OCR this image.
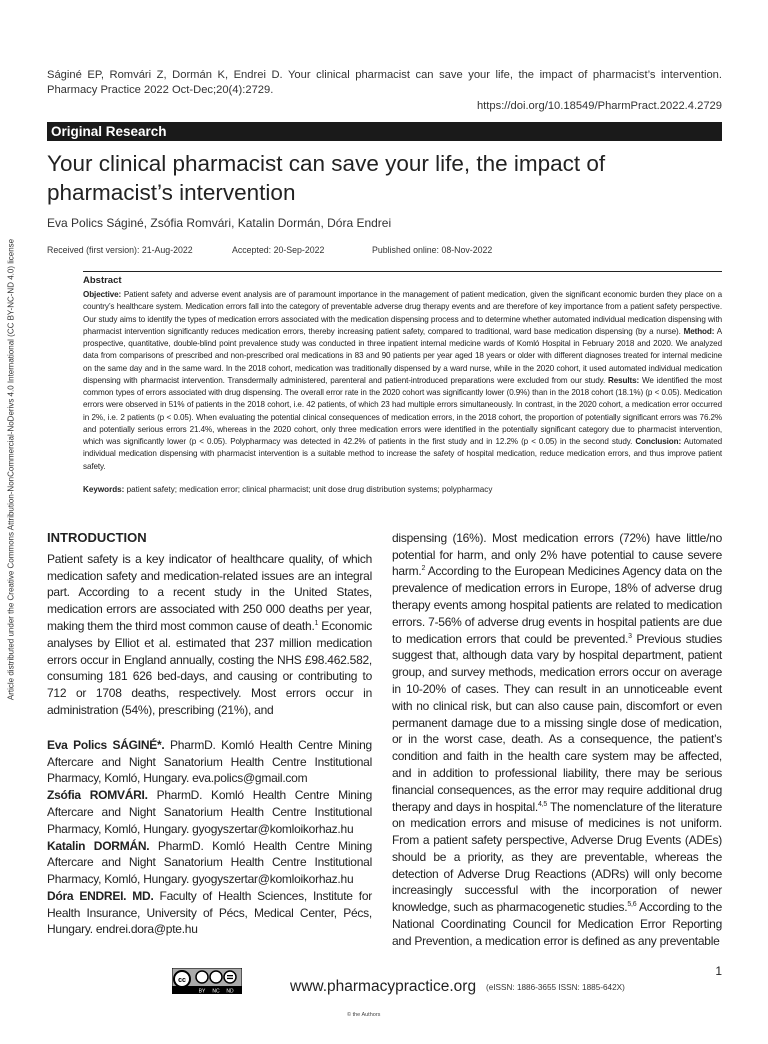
Article distributed under the Creative Commons Attribution-NonCommercial-NoDerivs 4.0 International (CC BY-NC-ND 4.0) license
Ságiné EP, Romvári Z, Dormán K, Endrei D. Your clinical pharmacist can save your life, the impact of pharmacist’s intervention. Pharmacy Practice 2022 Oct-Dec;20(4):2729.
https://doi.org/10.18549/PharmPract.2022.4.2729
Original Research
Your clinical pharmacist can save your life, the impact of pharmacist’s intervention
Eva Polics Ságiné, Zsófia Romvári, Katalin Dormán, Dóra Endrei
Received (first version): 21-Aug-2022	Accepted: 20-Sep-2022	Published online: 08-Nov-2022
Abstract
Objective: Patient safety and adverse event analysis are of paramount importance in the management of patient medication, given the significant economic burden they place on a country’s healthcare system. Medication errors fall into the category of preventable adverse drug therapy events and are therefore of key importance from a patient safety perspective. Our study aims to identify the types of medication errors associated with the medication dispensing process and to determine whether automated individual medication dispensing with pharmacist intervention significantly reduces medication errors, thereby increasing patient safety, compared to traditional, ward base medication dispensing (by a nurse). Method: A prospective, quantitative, double-blind point prevalence study was conducted in three inpatient internal medicine wards of Komló Hospital in February 2018 and 2020. We analyzed data from comparisons of prescribed and non-prescribed oral medications in 83 and 90 patients per year aged 18 years or older with different diagnoses treated for internal medicine on the same day and in the same ward. In the 2018 cohort, medication was traditionally dispensed by a ward nurse, while in the 2020 cohort, it used automated individual medication dispensing with pharmacist intervention. Transdermally administered, parenteral and patient-introduced preparations were excluded from our study. Results: We identified the most common types of errors associated with drug dispensing. The overall error rate in the 2020 cohort was significantly lower (0.9%) than in the 2018 cohort (18.1%) (p < 0.05). Medication errors were observed in 51% of patients in the 2018 cohort, i.e. 42 patients, of which 23 had multiple errors simultaneously. In contrast, in the 2020 cohort, a medication error occurred in 2%, i.e. 2 patients (p < 0.05). When evaluating the potential clinical consequences of medication errors, in the 2018 cohort, the proportion of potentially significant errors was 76.2% and potentially serious errors 21.4%, whereas in the 2020 cohort, only three medication errors were identified in the potentially significant category due to pharmacist intervention, which was significantly lower (p < 0.05). Polypharmacy was detected in 42.2% of patients in the first study and in 12.2% (p < 0.05) in the second study. Conclusion: Automated individual medication dispensing with pharmacist intervention is a suitable method to increase the safety of hospital medication, reduce medication errors, and thus improve patient safety.
Keywords: patient safety; medication error; clinical pharmacist; unit dose drug distribution systems; polypharmacy
INTRODUCTION
Patient safety is a key indicator of healthcare quality, of which medication safety and medication-related issues are an integral part. According to a recent study in the United States, medication errors are associated with 250 000 deaths per year, making them the third most common cause of death.$^1$ Economic analyses by Elliot et al. estimated that 237 million medication errors occur in England annually, costing the NHS £98.462.582, consuming 181 626 bed-days, and causing or contributing to 712 or 1708 deaths, respectively. Most errors occur in administration (54%), prescribing (21%), and
Eva Polics SÁGINÉ*. PharmD. Komló Health Centre Mining Aftercare and Night Sanatorium Health Centre Institutional Pharmacy, Komló, Hungary. eva.polics@gmail.com
Zsófia ROMVÁRI. PharmD. Komló Health Centre Mining Aftercare and Night Sanatorium Health Centre Institutional Pharmacy, Komló, Hungary. gyogyszertar@komloikorhaz.hu
Katalin DORMÁN. PharmD. Komló Health Centre Mining Aftercare and Night Sanatorium Health Centre Institutional Pharmacy, Komló, Hungary. gyogyszertar@komloikorhaz.hu
Dóra ENDREI. MD. Faculty of Health Sciences, Institute for Health Insurance, University of Pécs, Medical Center, Pécs, Hungary. endrei.dora@pte.hu
dispensing (16%). Most medication errors (72%) have little/no potential for harm, and only 2% have potential to cause severe harm.$^2$ According to the European Medicines Agency data on the prevalence of medication errors in Europe, 18% of adverse drug therapy events among hospital patients are related to medication errors. 7-56% of adverse drug events in hospital patients are due to medication errors that could be prevented.$^3$ Previous studies suggest that, although data vary by hospital department, patient group, and survey methods, medication errors occur on average in 10-20% of cases. They can result in an unnoticeable event with no clinical risk, but can also cause pain, discomfort or even permanent damage due to a missing single dose of medication, or in the worst case, death. As a consequence, the patient’s condition and faith in the health care system may be affected, and in addition to professional liability, there may be serious financial consequences, as the error may require additional drug therapy and days in hospital.$^{4,5}$ The nomenclature of the literature on medication errors and misuse of medicines is not uniform. From a patient safety perspective, Adverse Drug Events (ADEs) should be a priority, as they are preventable, whereas the detection of Adverse Drug Reactions (ADRs) will only become increasingly successful with the incorporation of newer knowledge, such as pharmacogenetic studies.$^{5,6}$ According to the National Coordinating Council for Medication Error Reporting and Prevention, a medication error is defined as any preventable
cc
BY NC ND	www.pharmacypractice.org (eISSN: 1886-3655 ISSN: 1885-642X)
© the Authors
1
